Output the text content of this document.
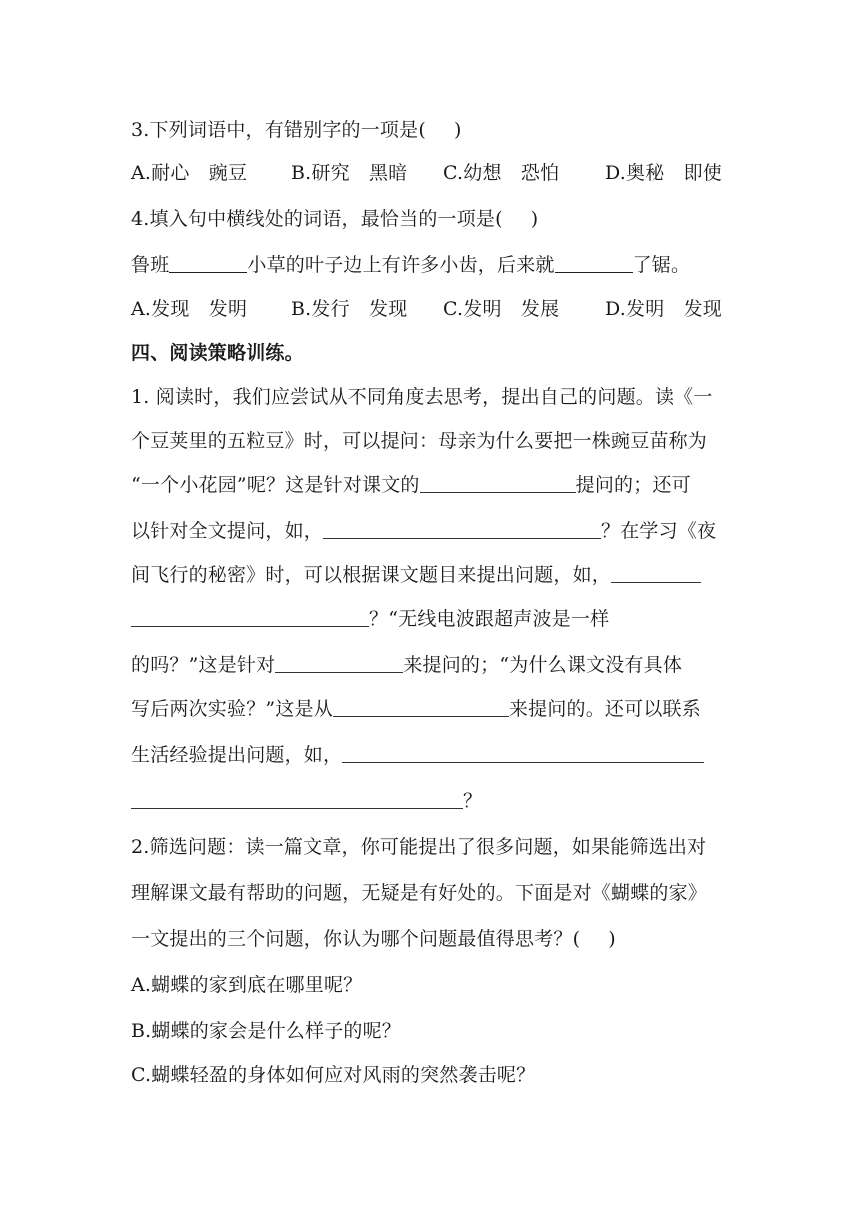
3.下列词语中，有错别字的一项是( )
A.耐心　豌豆 B.研究　黑暗 C.幼想　恐怕 D.奥秘　即使
4.填入句中横线处的词语，最恰当的一项是( )
鲁班	小草的叶子边上有许多小齿，后来就	了锯。
A.发现　发明 B.发行　发现 C.发明　发展 D.发明　发现
四、阅读策略训练。
1. 阅读时，我们应尝试从不同角度去思考，提出自己的问题。读《一
个豆荚里的五粒豆》时，可以提问：母亲为什么要把一株豌豆苗称为
“一个小花园”呢？这是针对课文的	提问的；还可
以针对全文提问，如，	？在学习《夜
间飞行的秘密》时，可以根据课文题目来提出问题，如，
？“无线电波跟超声波是一样
的吗？”这是针对	来提问的；“为什么课文没有具体
写后两次实验？”这是从	来提问的。还可以联系
生活经验提出问题，如，
？
2.筛选问题：读一篇文章，你可能提出了很多问题，如果能筛选出对
理解课文最有帮助的问题，无疑是有好处的。下面是对《蝴蝶的家》
一文提出的三个问题，你认为哪个问题最值得思考？( )
A.蝴蝶的家到底在哪里呢？
B.蝴蝶的家会是什么样子的呢？
C.蝴蝶轻盈的身体如何应对风雨的突然袭击呢？
